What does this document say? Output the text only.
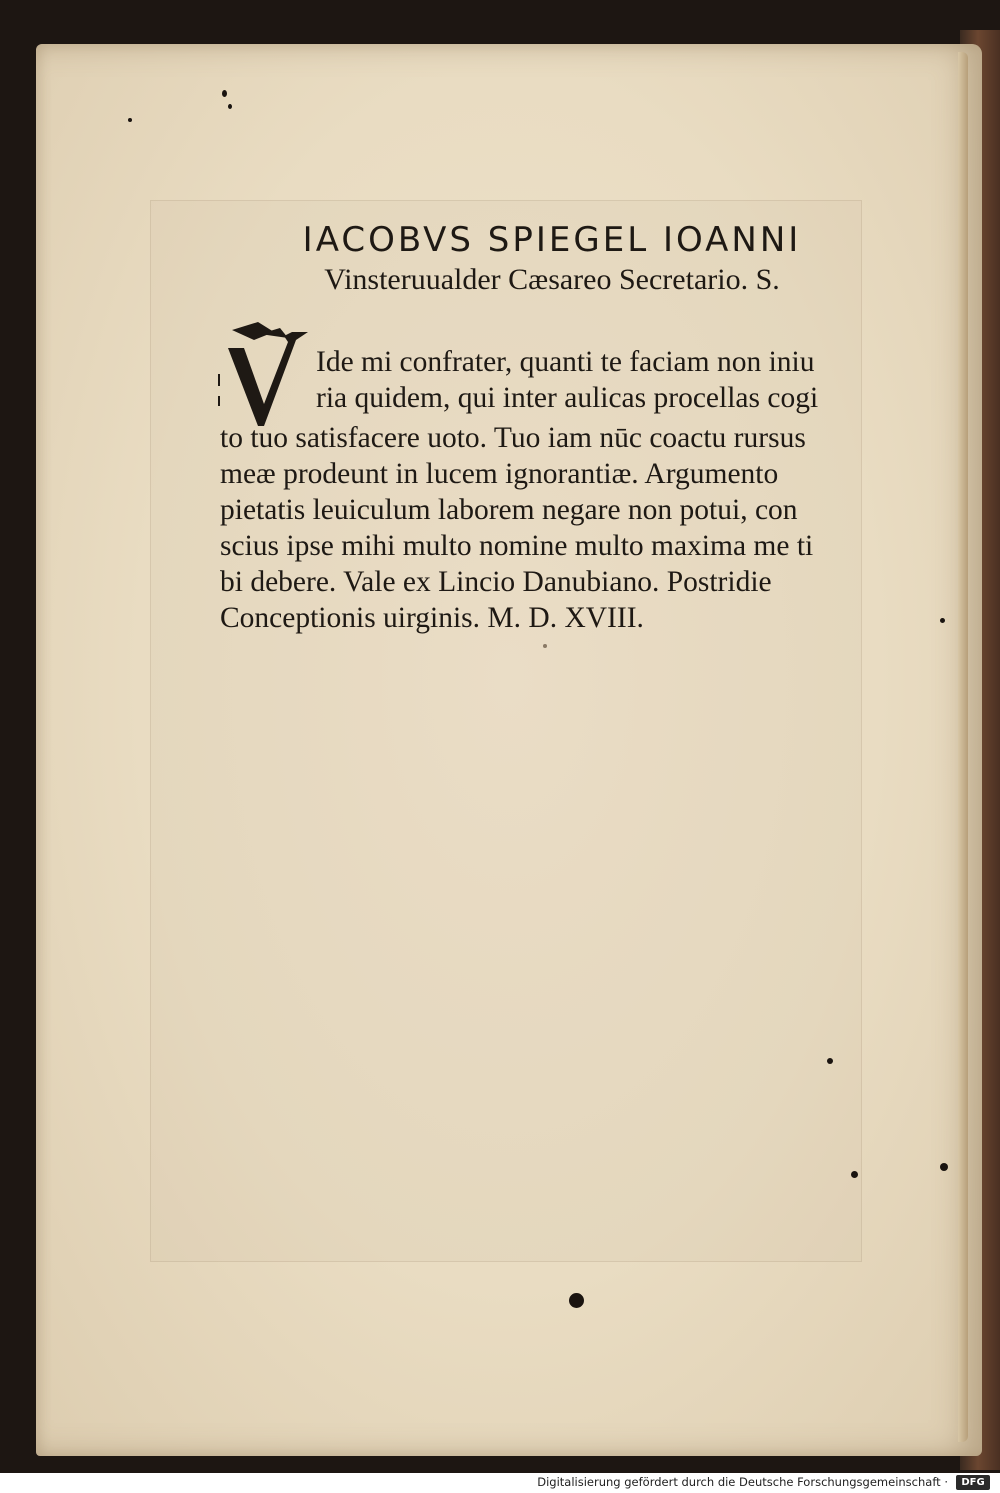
IACOBVS SPIEGEL IOANNI
Vinsteruualder Cæsareo Secretario. S.
V
Ide mi confrater, quanti te faciam non iniu
ria quidem, qui inter aulicas procellas cogi
to tuo satisfacere uoto. Tuo iam nūc coactu rursus
meæ prodeunt in lucem ignorantiæ. Argumento
pietatis leuiculum laborem negare non potui, con
scius ipse mihi multo nomine multo maxima me ti
bi debere. Vale ex Lincio Danubiano. Postridie
Conceptionis uirginis. M. D. XVIII.
Digitalisierung gefördert durch die Deutsche Forschungsgemeinschaft ·	DFG
